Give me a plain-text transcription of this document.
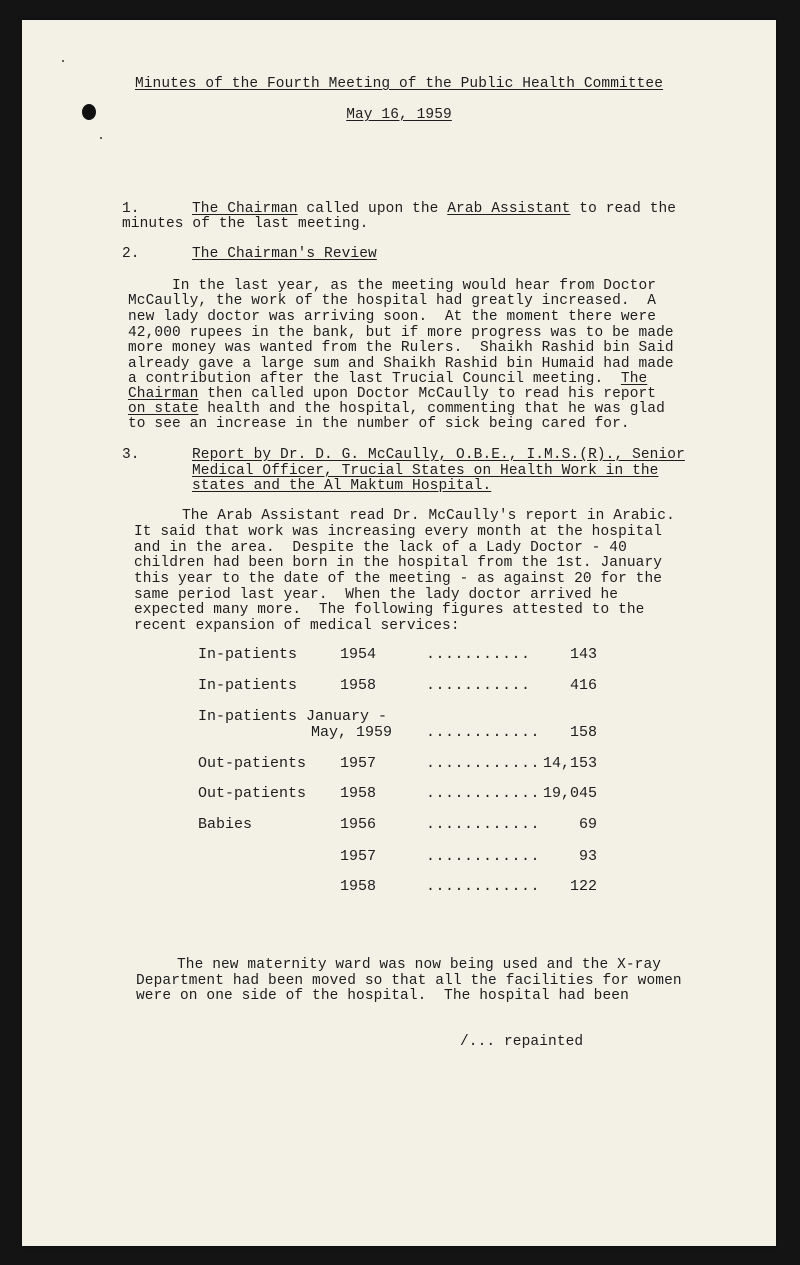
Minutes of the Fourth Meeting of the Public Health Committee
May 16, 1959
1.	The Chairman called upon the Arab Assistant to read the
minutes of the last meeting.
2.	The Chairman's Review
In the last year, as the meeting would hear from Doctor
McCaully, the work of the hospital had greatly increased.  A
new lady doctor was arriving soon.  At the moment there were
42,000 rupees in the bank, but if more progress was to be made
more money was wanted from the Rulers.  Shaikh Rashid bin Said
already gave a large sum and Shaikh Rashid bin Humaid had made
a contribution after the last Trucial Council meeting.  The
Chairman then called upon Doctor McCaully to read his report
on state health and the hospital, commenting that he was glad
to see an increase in the number of sick being cared for.
3.	Report by Dr. D. G. McCaully, O.B.E., I.M.S.(R)., Senior
Medical Officer, Trucial States on Health Work in the
states and the Al Maktum Hospital.
The Arab Assistant read Dr. McCaully's report in Arabic.
It said that work was increasing every month at the hospital
and in the area.  Despite the lack of a Lady Doctor - 40
children had been born in the hospital from the 1st. January
this year to the date of the meeting - as against 20 for the
same period last year.  When the lady doctor arrived he
expected many more.  The following figures attested to the
recent expansion of medical services:
In-patients	1954	...........	143
In-patients	1958	...........	416
In-patients January -
May, 1959 ............	158
Out-patients 1957	............ 14,153
Out-patients 1958	............ 19,045
Babies	1956	............	69
1957	............	93
1958	............	122
The new maternity ward was now being used and the X-ray
Department had been moved so that all the facilities for women
were on one side of the hospital.  The hospital had been
/... repainted
